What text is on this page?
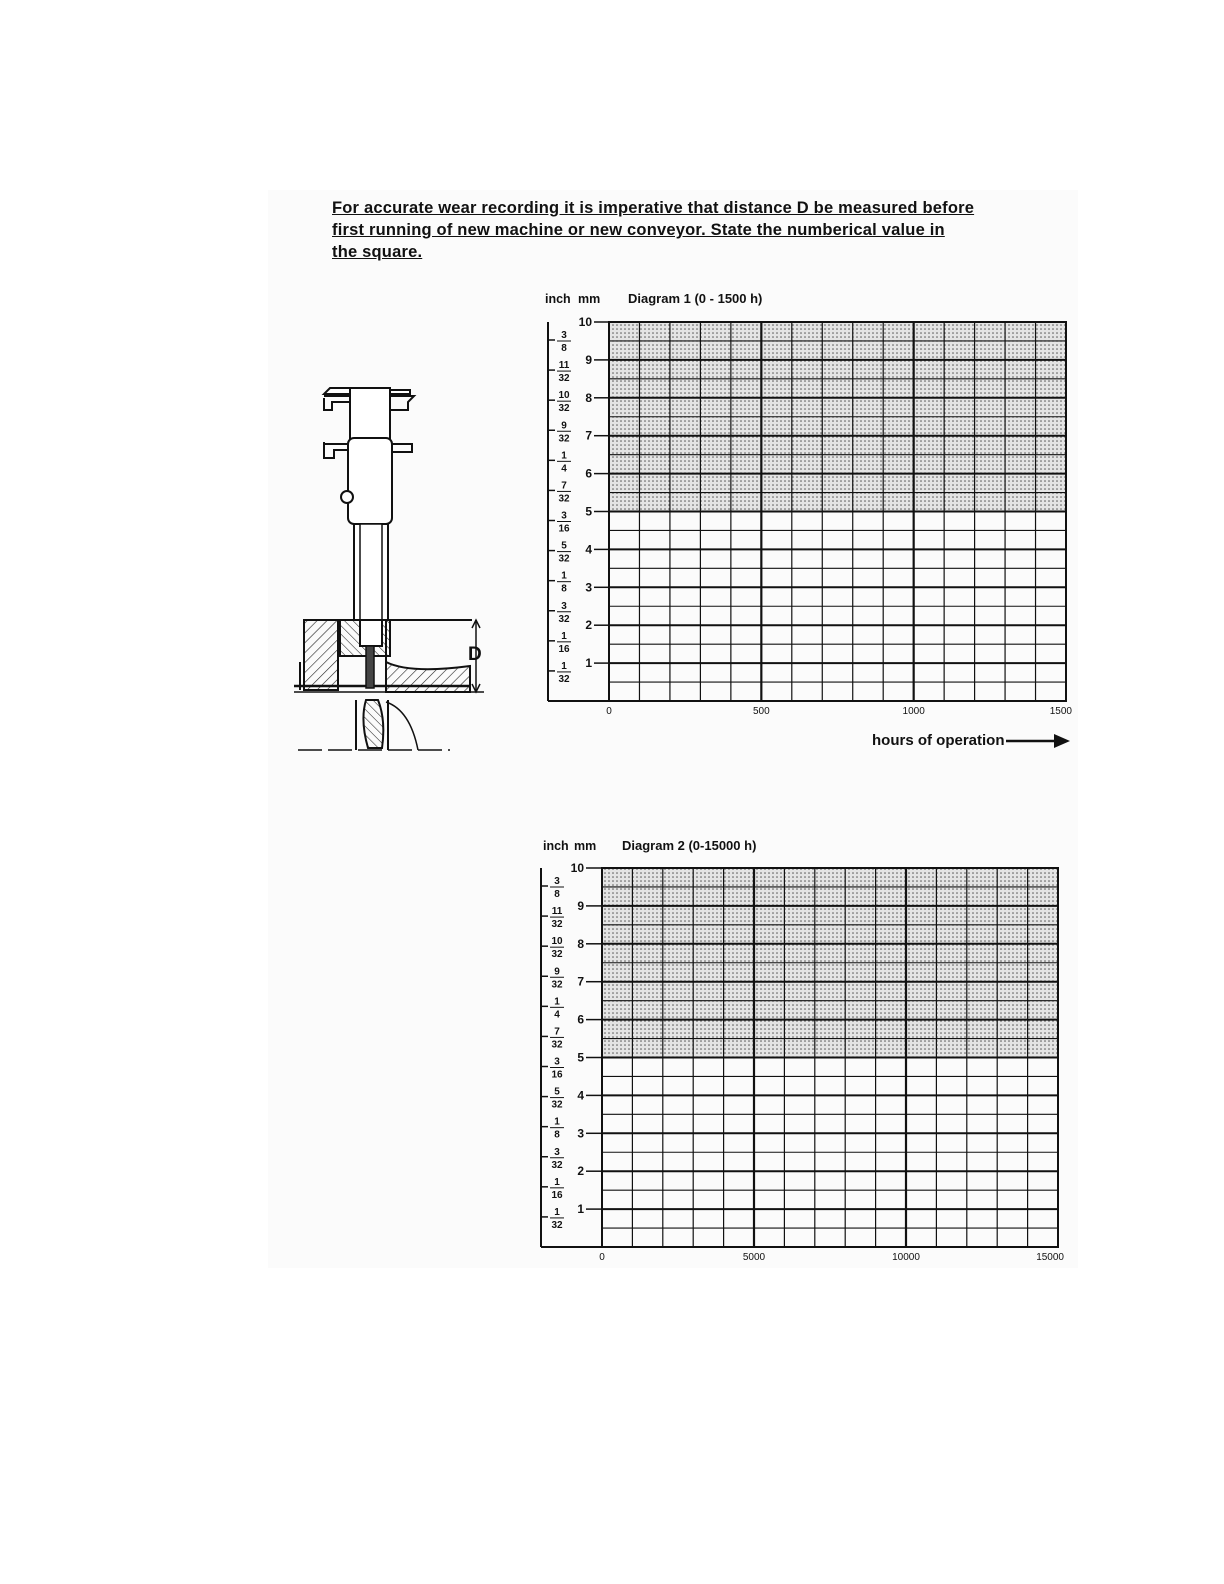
For accurate wear recording it is imperative that distance D be measured before
first running of new machine or new conveyor. State the numberical value in
the square.
D
inch mm Diagram 1 (0 - 1500 h)
1
2
3
4
5
6
7
8
9
10
3
8
11
32
10
32
9
32
1
4
7
32
3
16
5
32
1
8
3
32
1
16
1
32
0	500	1000	1500
hours of operation
inch mm Diagram 2 (0-15000 h)
1
2
3
4
5
6
7
8
9
10
3
8
11
32
10
32
9
32
1
4
7
32
3
16
5
32
1
8
3
32
1
16
1
32
0	5000	10000	15000
